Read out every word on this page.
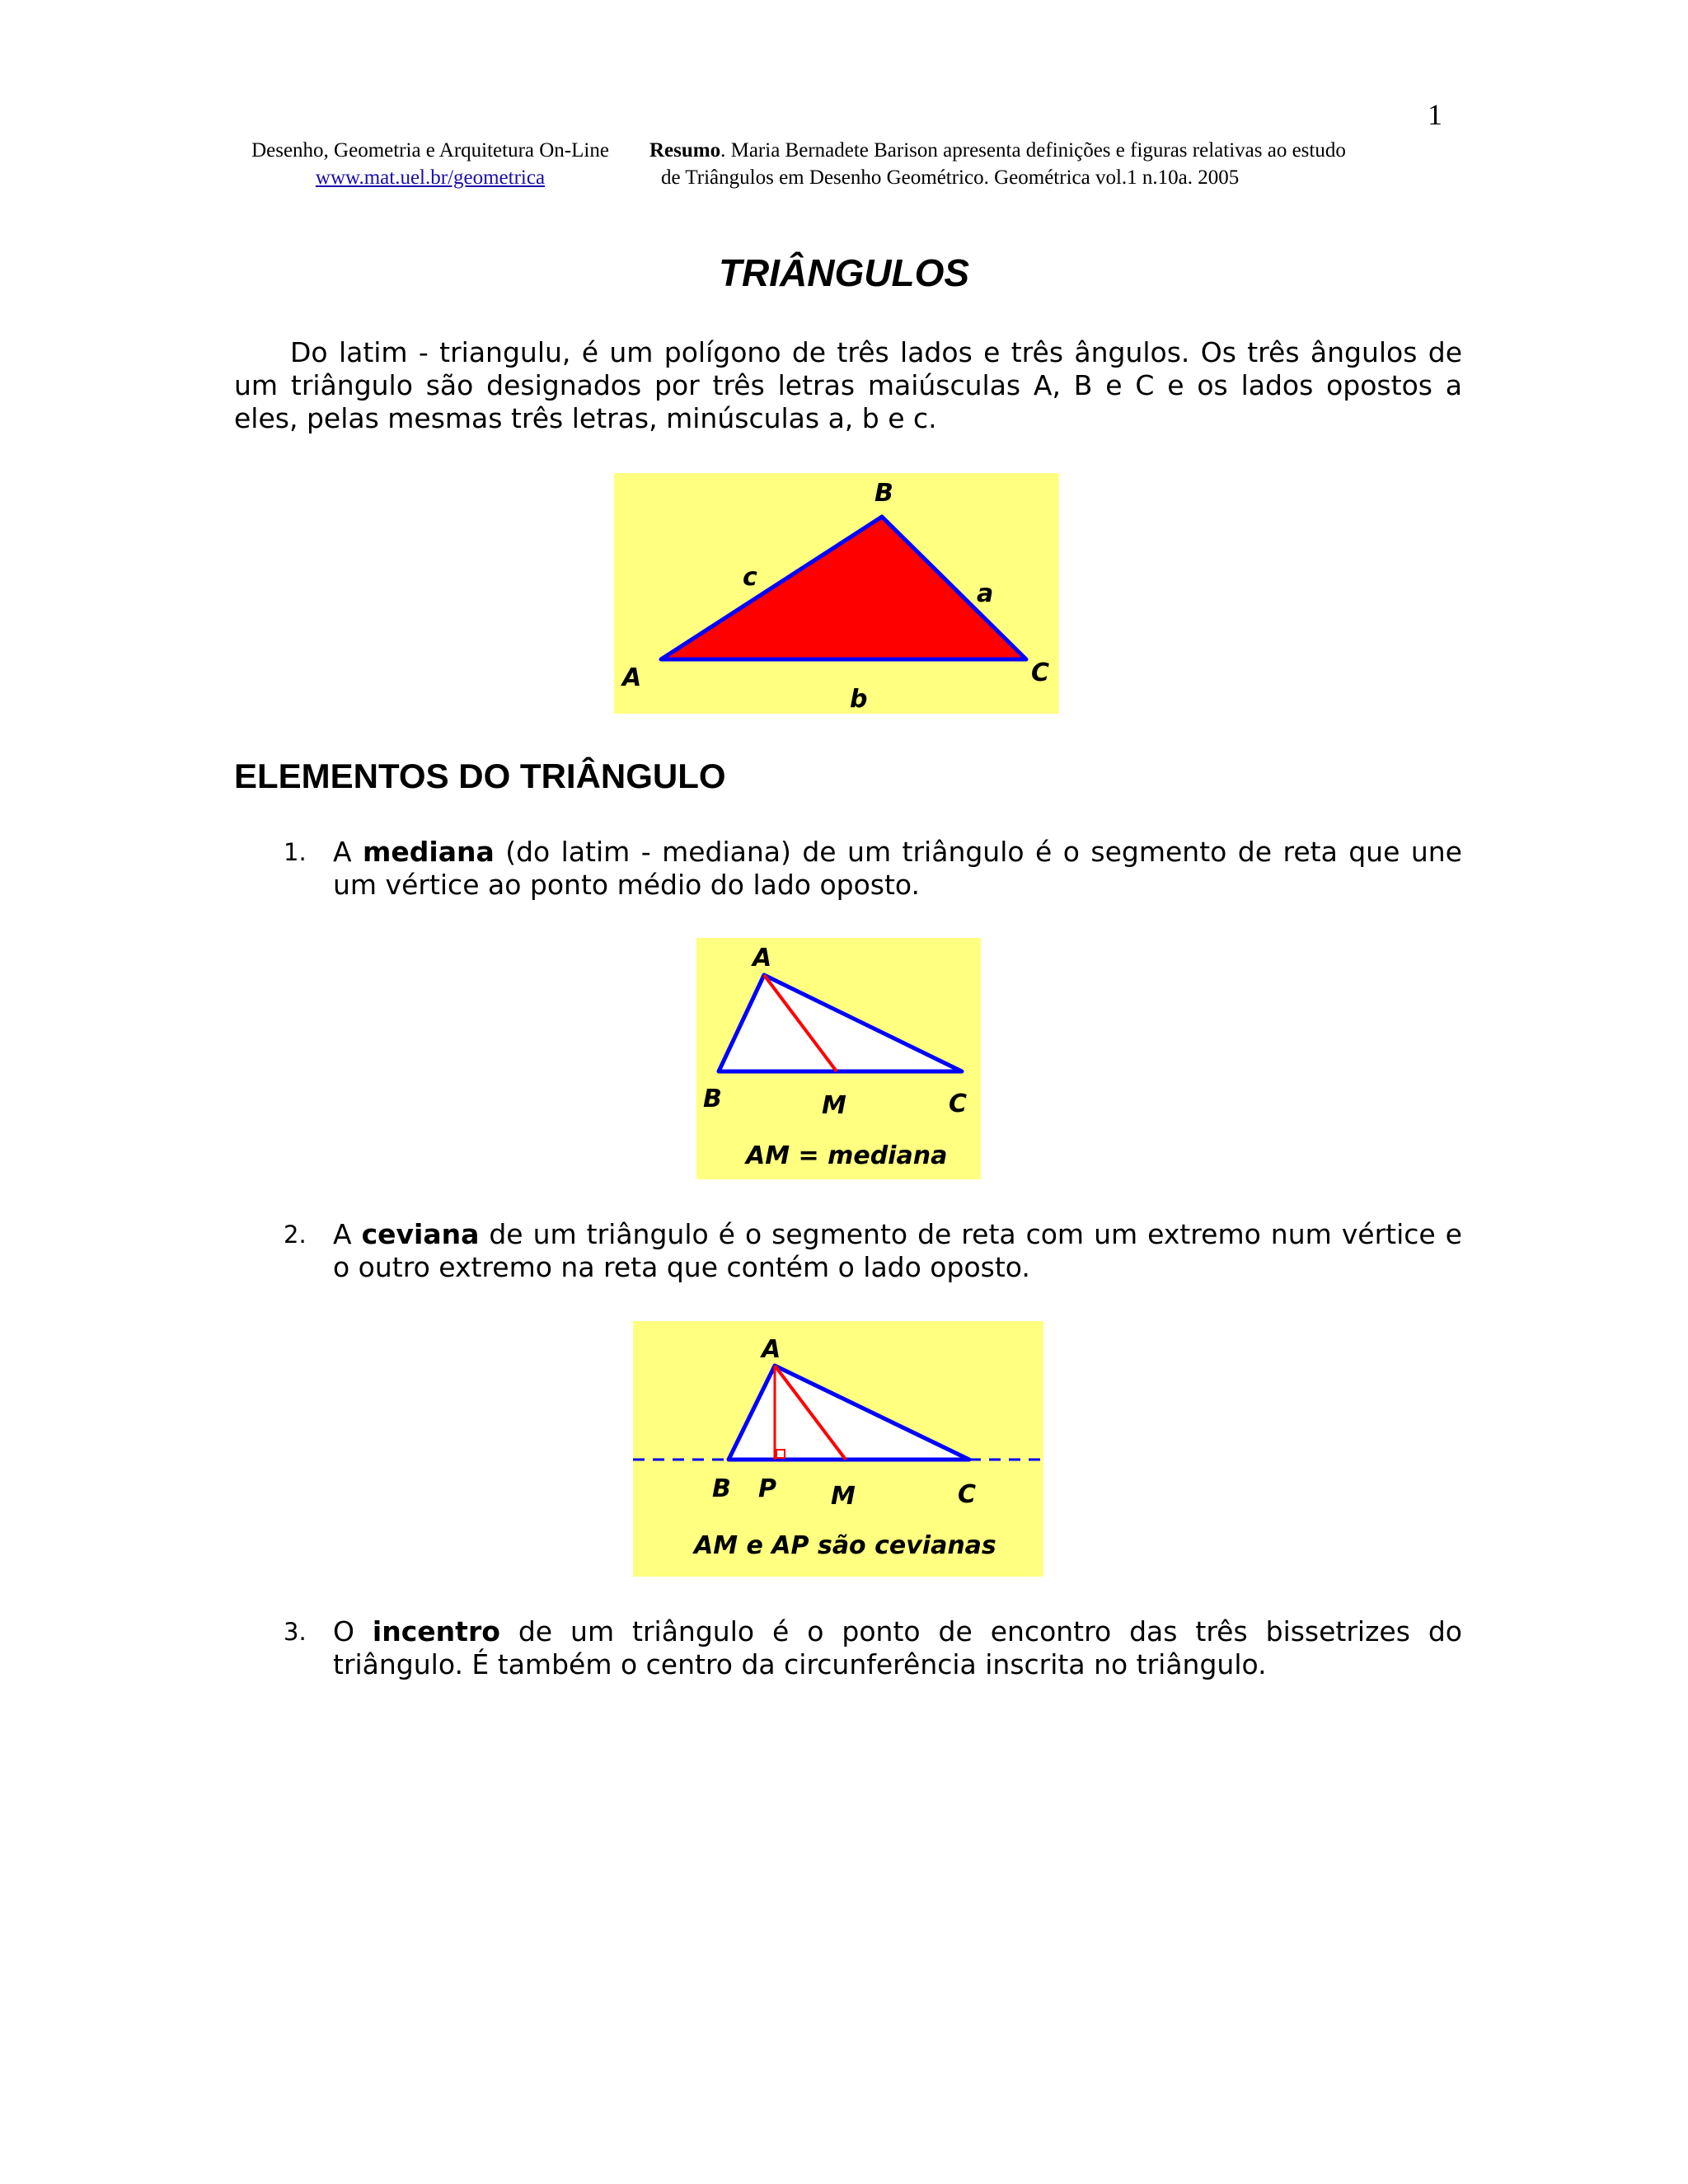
1
Desenho, Geometria e Arquitetura On-Line
www.mat.uel.br/geometrica
Resumo. Maria Bernadete Barison apresenta definições e figuras relativas ao estudo
de Triângulos em Desenho Geométrico. Geométrica vol.1 n.10a. 2005
TRIÂNGULOS

Do latim - triangulu, é um polígono de três lados e três ângulos. Os três ângulos de um triângulo são designados por três letras maiúsculas A, B e C e os lados opostos a eles, pelas mesmas três letras, minúsculas a, b e c.

B
A	C
c
a
b
ELEMENTOS DO TRIÂNGULO
1. A mediana (do latim - mediana) de um triângulo é o segmento de reta que une um vértice ao ponto médio do lado oposto.
A
B	M	C
AM = mediana
2. A ceviana de um triângulo é o segmento de reta com um extremo num vértice e o outro extremo na reta que contém o lado oposto.
A
B P M	C
AM e AP são cevianas
3. O incentro de um triângulo é o ponto de encontro das três bissetrizes do triângulo. É também o centro da circunferência inscrita no triângulo.
